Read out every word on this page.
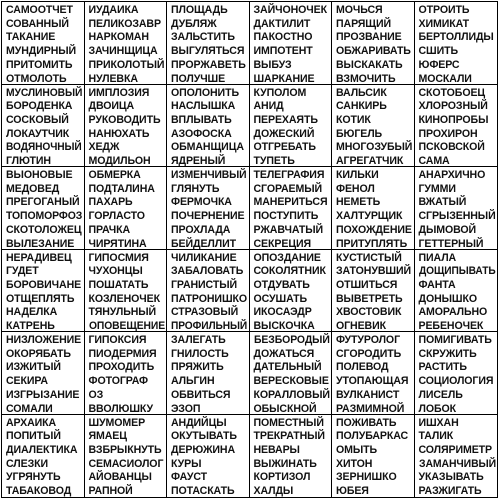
САМООТЧЕТ
СОВАННЫЙ
ТАКАНИЕ
МУНДИРНЫЙ
ПРИТОМИТЬ
ОТМОЛОТЬ
ИУДАИКА
ПЕЛИКОЗАВР
НАРКОМАН
ЗАЧИНЩИЦА
ПРИКОЛОТЫЙ
НУЛЕВКА
ПЛОЩАДЬ
ДУБЛЯЖ
ЗАЛЬСТИТЬ
ВЫГУЛЯТЬСЯ
ПРОРЖАВЕТЬ
ПОЛУЧШЕ
ЗАЙЧОНОЧЕК
ДАКТИЛИТ
ПАКОСТНО
ИМПОТЕНТ
ВЫБУЗ
ШАРКАНИЕ
МОЧЬСЯ
ПАРЯЩИЙ
ПРОЗВАНИЕ
ОБЖАРИВАТЬ
ВЫСКАКАТЬ
ВЗМОЧИТЬ
ОТРОИТЬ
ХИМИКАТ
БЕРТОЛЛИДЫ
СШИТЬ
ЮФЕРС
МОСКАЛИ
МУСЛИНОВЫЙ
БОРОДЕНКА
СОСКОВЫЙ
ЛОКАУТЧИК
ВОДЯНОЧНЫЙ
ГЛЮТИН
ИМПЛОЗИЯ
ДВОИЦА
РУКОВОДИТЬ
НАНЮХАТЬ
ХЕДЖ
МОДИЛЬОН
ОПОЛОНИТЬ
НАСЛЫШКА
ВПЛЫВАТЬ
АЗОФОСКА
ОБМАНЩИЦА
ЯДРЕНЫЙ
КУПОЛОМ
АНИД
ПЕРЕХАЯТЬ
ДОЖЕСКИЙ
ОТГРЕБАТЬ
ТУПЕТЬ
ВАЛЬСИК
САНКИРЬ
КОТИК
БЮГЕЛЬ
МНОГОЗУБЫЙ
АГРЕГАТЧИК
СКОТОБОЕЦ
ХЛОРОЗНЫЙ
КИНОПРОБЫ
ПРОХИРОН
ПСКОВСКОЙ
САМА
ВЫОНОВЫЕ
МЕДОВЕД
ПРЕГОГАНЫЙ
ТОПОМОРФОЗ
СКОТОЛОЖЕЦ
ВЫЛЕЗАНИЕ
ОБМЕРКА
ПОДТАЛИНА
ПАХАРЬ
ГОРЛАСТО
ПРАЧКА
ЧИРЯТИНА
ИЗМЕНЧИВЫЙ
ГЛЯНУТЬ
ФЕРМОЧКА
ПОЧЕРНЕНИЕ
ПРОХЛАДА
БЕЙДЕЛЛИТ
ТЕЛЕГРАФИЯ
СГОРАЕМЫЙ
МАНЕРИТЬСЯ
ПОСТУПИТЬ
РЖАВЧАТЫЙ
СЕКРЕЦИЯ
КИЛЬКИ
ФЕНОЛ
НЕМЕТЬ
ХАЛТУРЩИК
ПОХОЖДЕНИЕ
ПРИТУПЛЯТЬ
АНАРХИЧНО
ГУММИ
ВЖАТЫЙ
СГРЫЗЕННЫЙ
ДЫМОВОЙ
ГЕТТЕРНЫЙ
НЕРАДИВЕЦ
ГУДЕТ
БОРОВИЧАНЕ
ОТЩЕПЛЯТЬ
НАДЕЛКА
КАТРЕНЬ
ГИПОСМИЯ
ЧУХОНЦЫ
ПОШАТАТЬ
КОЗЛЕНОЧЕК
ТЯНУЛЬНЫЙ
ОПОВЕЩЕНИЕ
ЧИЛИКАНИЕ
ЗАБАЛОВАТЬ
ГРАНИСТЫЙ
ПАТРОНИШКО
СТРАЗОВЫЙ
ПРОФИЛЬНЫЙ
ОПОЗДАНИЕ
СОКОЛЯТНИК
ОТДУВАТЬ
ОСУШАТЬ
ИКОСАЭДР
ВЫСКОЧКА
КУСТИСТЫЙ
ЗАТОНУВШИЙ
ОТШИТЬСЯ
ВЫВЕТРЕТЬ
ХВОСТОВИК
ОГНЕВИК
ПИАЛА
ДОЩИПЫВАТЬ
ФАНТА
ДОНЫШКО
АМОРАЛЬНО
РЕБЕНОЧЕК
НИЗЛОЖЕНИЕ
ОКОРЯБАТЬ
ИЗЖИТЫЙ
СЕКИРА
ИЗГРЫЗАНИЕ
СОМАЛИ
ГИПОКСИЯ
ПИОДЕРМИЯ
ПРОХОДИТЬ
ФОТОГРАФ
ОЗ
ВВОЛЮШКУ
ЗАЛЕГАТЬ
ГНИЛОСТЬ
ПРЯЖИТЬ
АЛЬГИН
ОБВИТЬСЯ
ЭЗОП
БЕЗБОРОДЫЙ
ДОЖАТЬСЯ
ДАТЕЛЬНЫЙ
ВЕРЕСКОВЫЕ
КОРАЛЛОВЫЙ
ОБЫСКНОЙ
ФУТУРОЛОГ
СГОРОДИТЬ
ПОЛЕВОД
УТОПАЮЩАЯ
ВУЛКАНИСТ
РАЗМИМНОЙ
ПОМИГИВАТЬ
СКРУЖИТЬ
РАСТИТЬ
СОЦИОЛОГИЯ
ЛИСЕЛЬ
ЛОБОК
АРХАИКА
ПОПИТЫЙ
ДИАЛЕКТИКА
СЛЕЗКИ
УГРЯНУТЬ
ТАБАКОВОД
ШУМОМЕР
ЯМАЕЦ
ВЗБРЫКНУТЬ
СЕМАСИОЛОГ
АЙОВАНЦЫ
РАПНОЙ
АНДИЙЦЫ
ОКУТЫВАТЬ
ДЕРЮЖИНА
КУРЫ
ФАУСТ
ПОТАСКАТЬ
ПОМЕСТНЫЙ
ТРЕКРАТНЫЙ
НЕВАРЫ
ВЫЖИНАТЬ
КОРТИЗОЛ
ХАЛДЫ
ПОЖИВАТЬ
ПОЛУБАРКАС
ОМЫТЬ
ХИТОН
ЗЕРНИШКО
ЮБЕЯ
ИШХАН
ТАЛИК
СОЛЯРИМЕТР
ЗАМАНЧИВЫЙ
УКАЗЫВАТЬ
РАЗЖИГАТЬ
